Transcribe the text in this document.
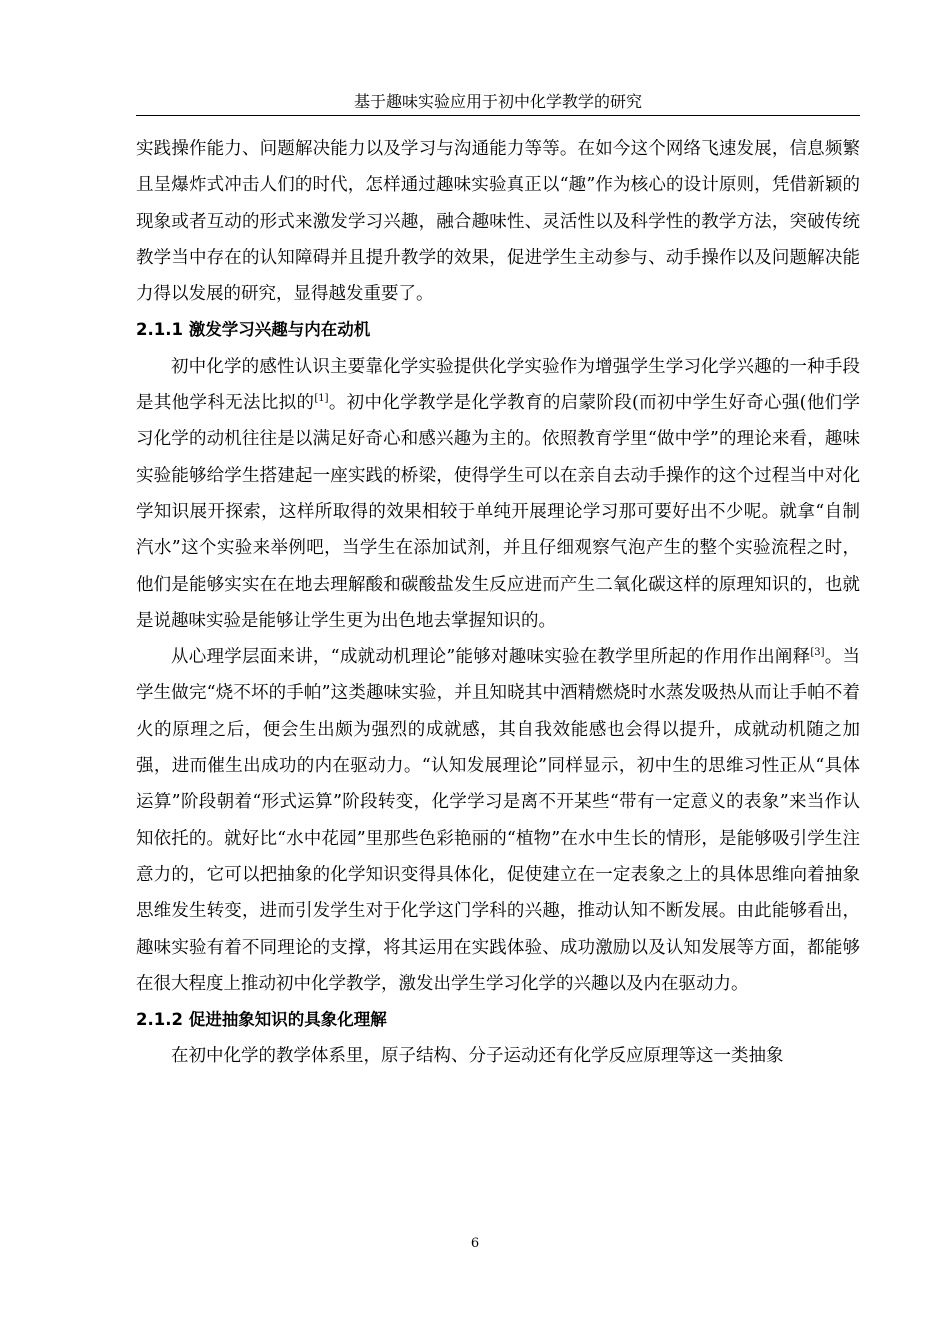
基于趣味实验应用于初中化学教学的研究

实践操作能力、问题解决能力以及学习与沟通能力等等。在如今这个网络飞速发展，信息频繁且呈爆炸式冲击人们的时代，怎样通过趣味实验真正以“趣”作为核心的设计原则，凭借新颖的现象或者互动的形式来激发学习兴趣，融合趣味性、灵活性以及科学性的教学方法，突破传统教学当中存在的认知障碍并且提升教学的效果，促进学生主动参与、动手操作以及问题解决能力得以发展的研究，显得越发重要了。

2.1.1 激发学习兴趣与内在动机

初中化学的感性认识主要靠化学实验提供化学实验作为增强学生学习化学兴趣的一种手段是其他学科无法比拟的[1]。初中化学教学是化学教育的启蒙阶段(而初中学生好奇心强(他们学习化学的动机往往是以满足好奇心和感兴趣为主的。依照教育学里“做中学”的理论来看，趣味实验能够给学生搭建起一座实践的桥梁，使得学生可以在亲自去动手操作的这个过程当中对化学知识展开探索，这样所取得的效果相较于单纯开展理论学习那可要好出不少呢。就拿“自制汽水”这个实验来举例吧，当学生在添加试剂，并且仔细观察气泡产生的整个实验流程之时，他们是能够实实在在地去理解酸和碳酸盐发生反应进而产生二氧化碳这样的原理知识的，也就是说趣味实验是能够让学生更为出色地去掌握知识的。

从心理学层面来讲，“成就动机理论”能够对趣味实验在教学里所起的作用作出阐释[3]。当学生做完“烧不坏的手帕”这类趣味实验，并且知晓其中酒精燃烧时水蒸发吸热从而让手帕不着火的原理之后，便会生出颇为强烈的成就感，其自我效能感也会得以提升，成就动机随之加强，进而催生出成功的内在驱动力。“认知发展理论”同样显示，初中生的思维习性正从“具体运算”阶段朝着“形式运算”阶段转变，化学学习是离不开某些“带有一定意义的表象”来当作认知依托的。就好比“水中花园”里那些色彩艳丽的“植物”在水中生长的情形，是能够吸引学生注意力的，它可以把抽象的化学知识变得具体化，促使建立在一定表象之上的具体思维向着抽象思维发生转变，进而引发学生对于化学这门学科的兴趣，推动认知不断发展。由此能够看出，趣味实验有着不同理论的支撑，将其运用在实践体验、成功激励以及认知发展等方面，都能够在很大程度上推动初中化学教学，激发出学生学习化学的兴趣以及内在驱动力。

2.1.2 促进抽象知识的具象化理解

在初中化学的教学体系里，原子结构、分子运动还有化学反应原理等这一类抽象

6
